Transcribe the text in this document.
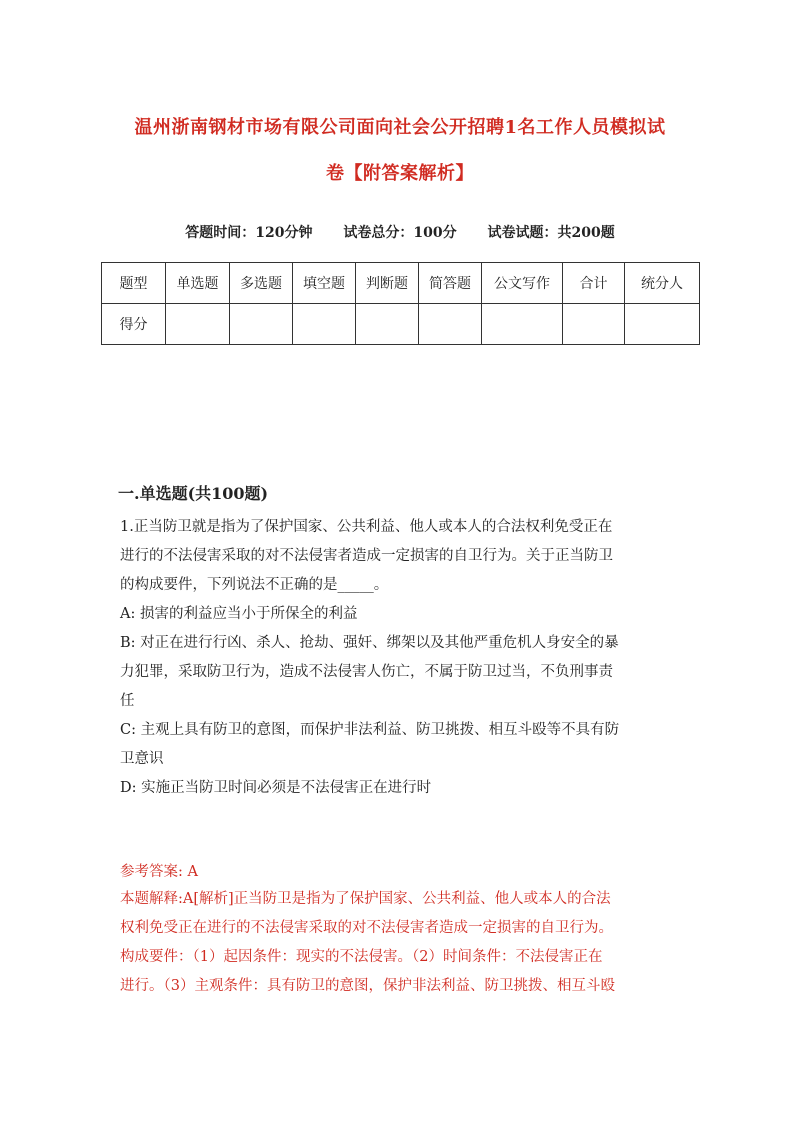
温州浙南钢材市场有限公司面向社会公开招聘1名工作人员模拟试
卷【附答案解析】
答题时间：120分钟 试卷总分：100分 试卷试题：共200题
题型	单选题	多选题	填空题	判断题	简答题	公文写作	合计	统分人
得分								
一.单选题(共100题)

1.正当防卫就是指为了保护国家、公共利益、他人或本人的合法权利免受正在

进行的不法侵害采取的对不法侵害者造成一定损害的自卫行为。关于正当防卫

的构成要件，下列说法不正确的是_____。

A: 损害的利益应当小于所保全的利益

B: 对正在进行行凶、杀人、抢劫、强奸、绑架以及其他严重危机人身安全的暴

力犯罪，采取防卫行为，造成不法侵害人伤亡，不属于防卫过当，不负刑事责

任

C: 主观上具有防卫的意图，而保护非法利益、防卫挑拨、相互斗殴等不具有防

卫意识

D: 实施正当防卫时间必须是不法侵害正在进行时

参考答案: A

本题解释:A[解析]正当防卫是指为了保护国家、公共利益、他人或本人的合法

权利免受正在进行的不法侵害采取的对不法侵害者造成一定损害的自卫行为。

构成要件：（1）起因条件：现实的不法侵害。（2）时间条件：不法侵害正在

进行。（3）主观条件：具有防卫的意图，保护非法利益、防卫挑拨、相互斗殴
